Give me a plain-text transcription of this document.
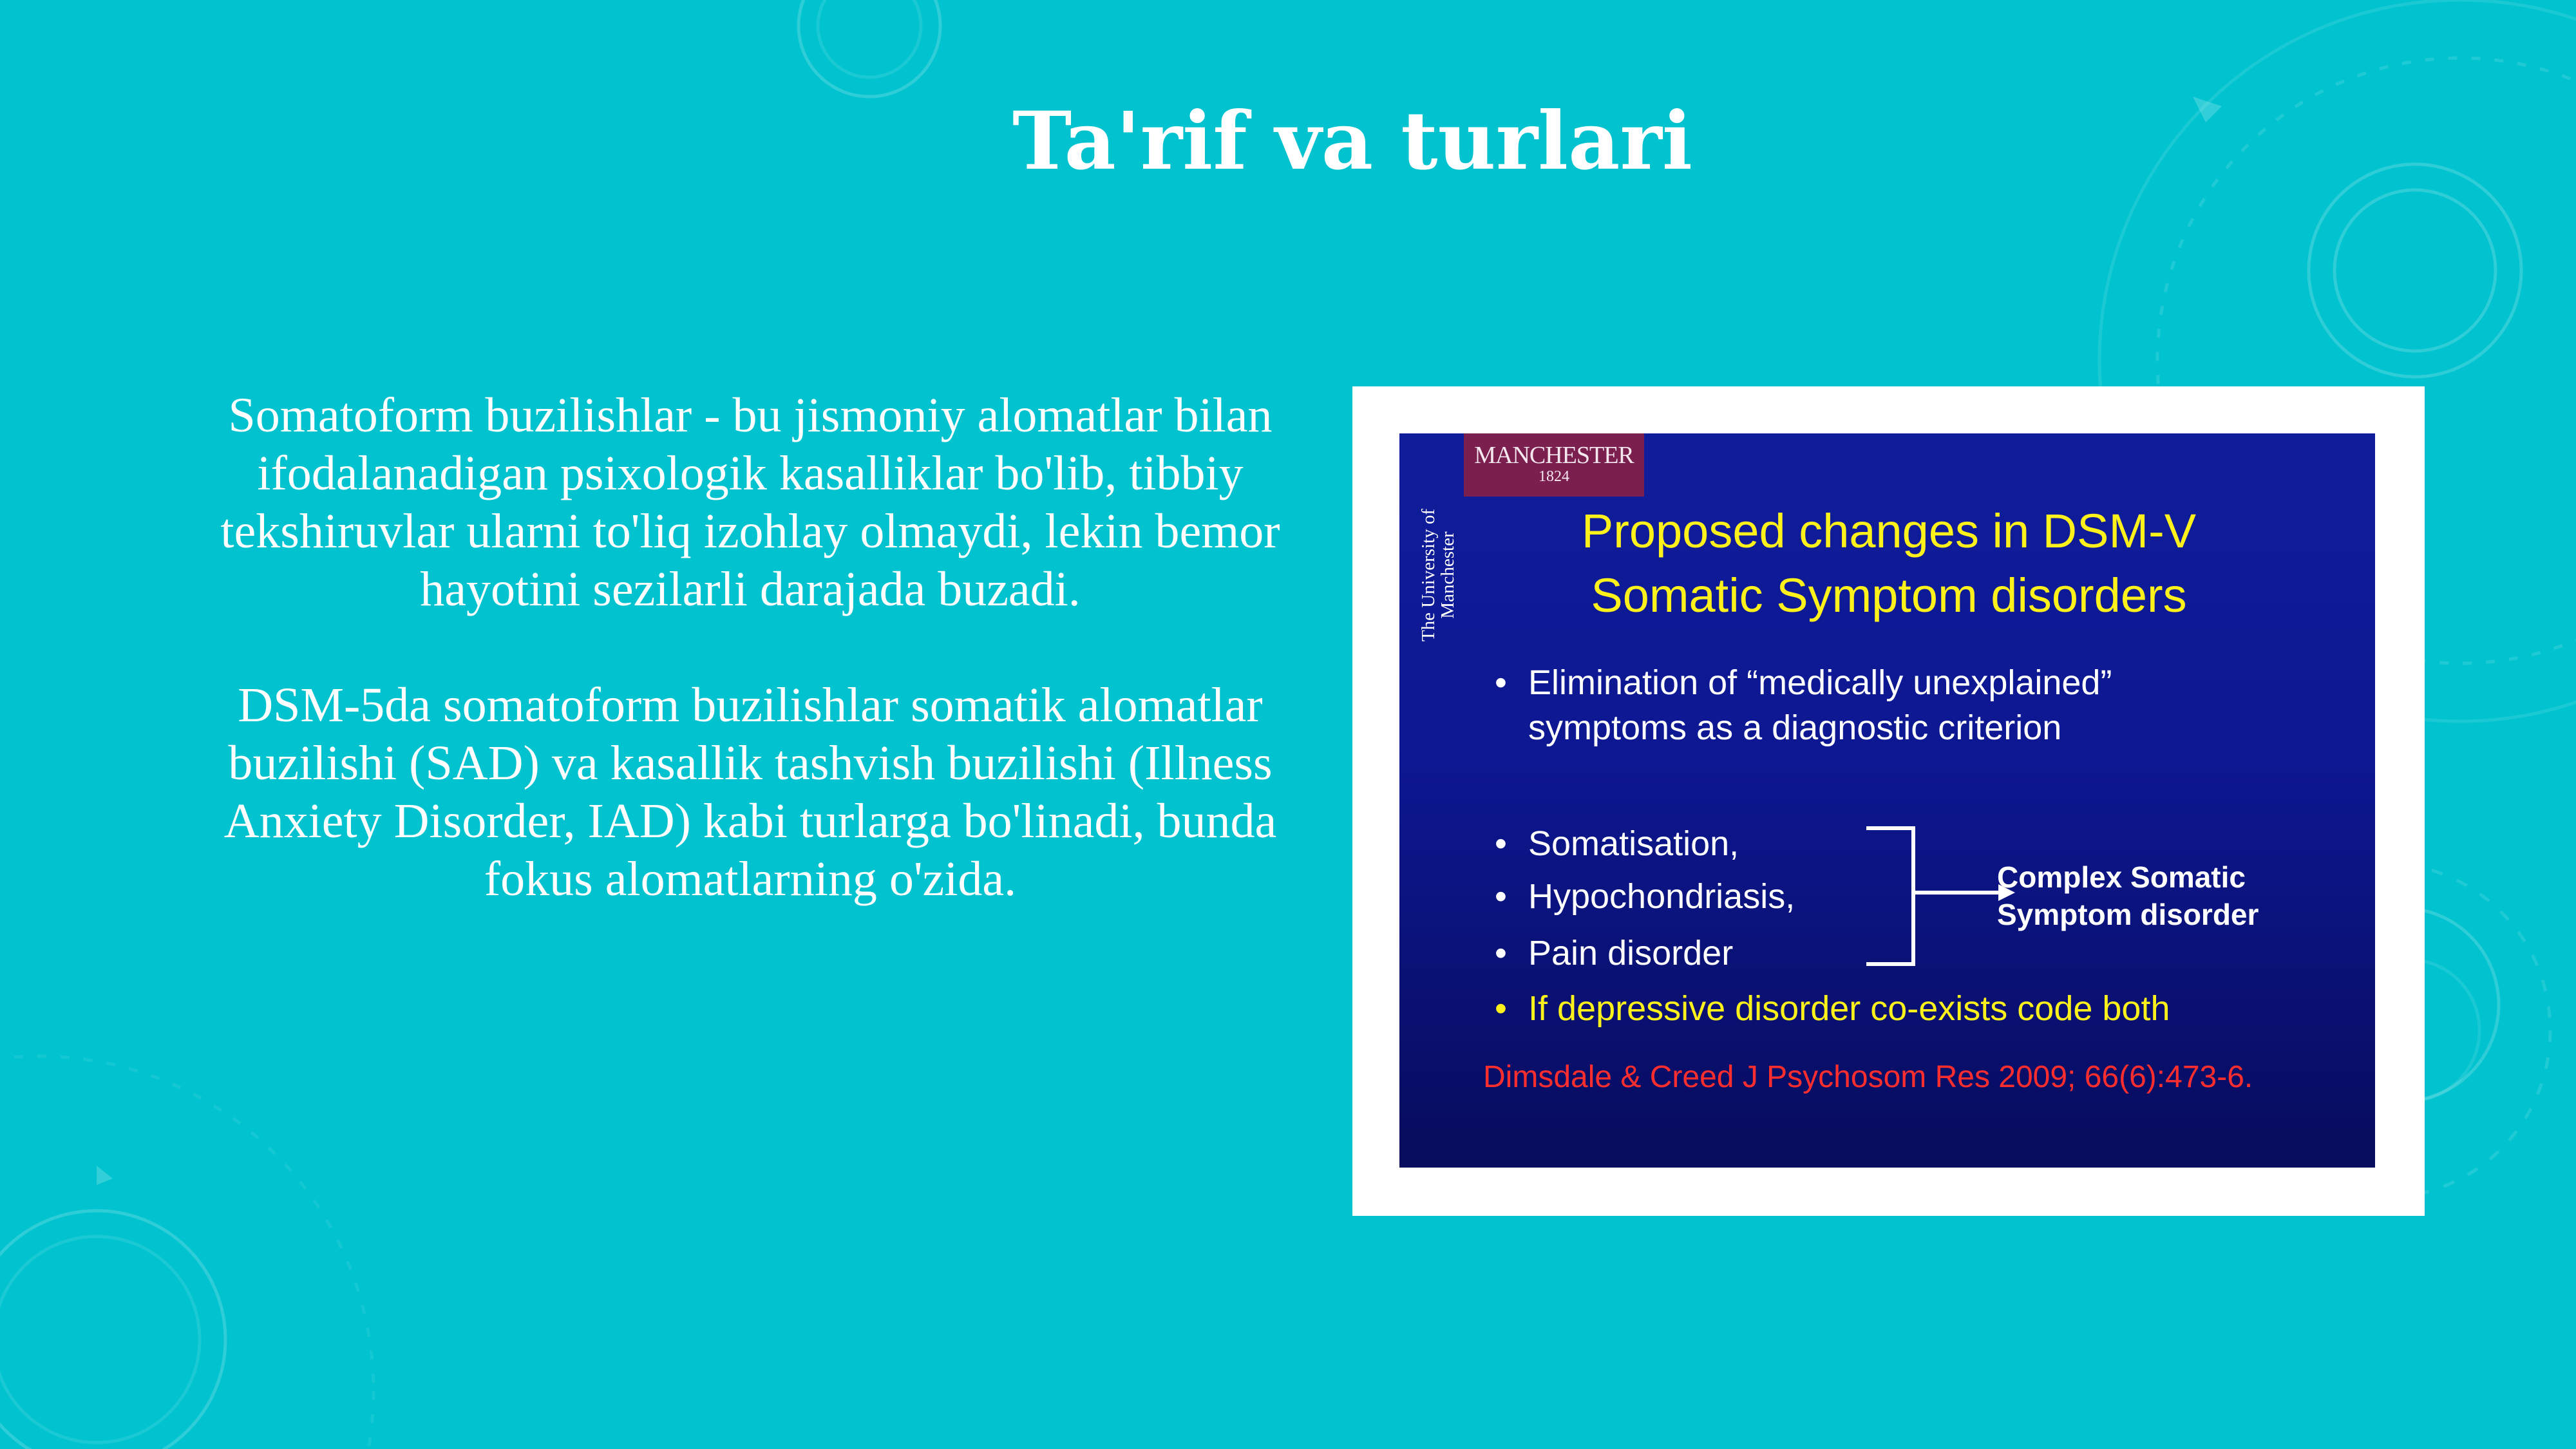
Ta'rif va turlari

Somatoform buzilishlar - bu jismoniy alomatlar bilan ifodalanadigan psixologik kasalliklar bo'lib, tibbiy tekshiruvlar ularni to'liq izohlay olmaydi, lekin bemor hayotini sezilarli darajada buzadi.

DSM-5da somatoform buzilishlar somatik alomatlar buzilishi (SAD) va kasallik tashvish buzilishi (Illness Anxiety Disorder, IAD) kabi turlarga bo'linadi, bunda fokus alomatlarning o'zida.

MANCHESTER
1824
The University of Manchester
Proposed changes in DSM-V
Somatic Symptom disorders
• Elimination of “medically unexplained”
symptoms as a diagnostic criterion
• Somatisation,
• Hypochondriasis,
• Pain disorder
• If depressive disorder co-exists code both
Complex Somatic
Symptom disorder
Dimsdale & Creed J Psychosom Res 2009; 66(6):473-6.
